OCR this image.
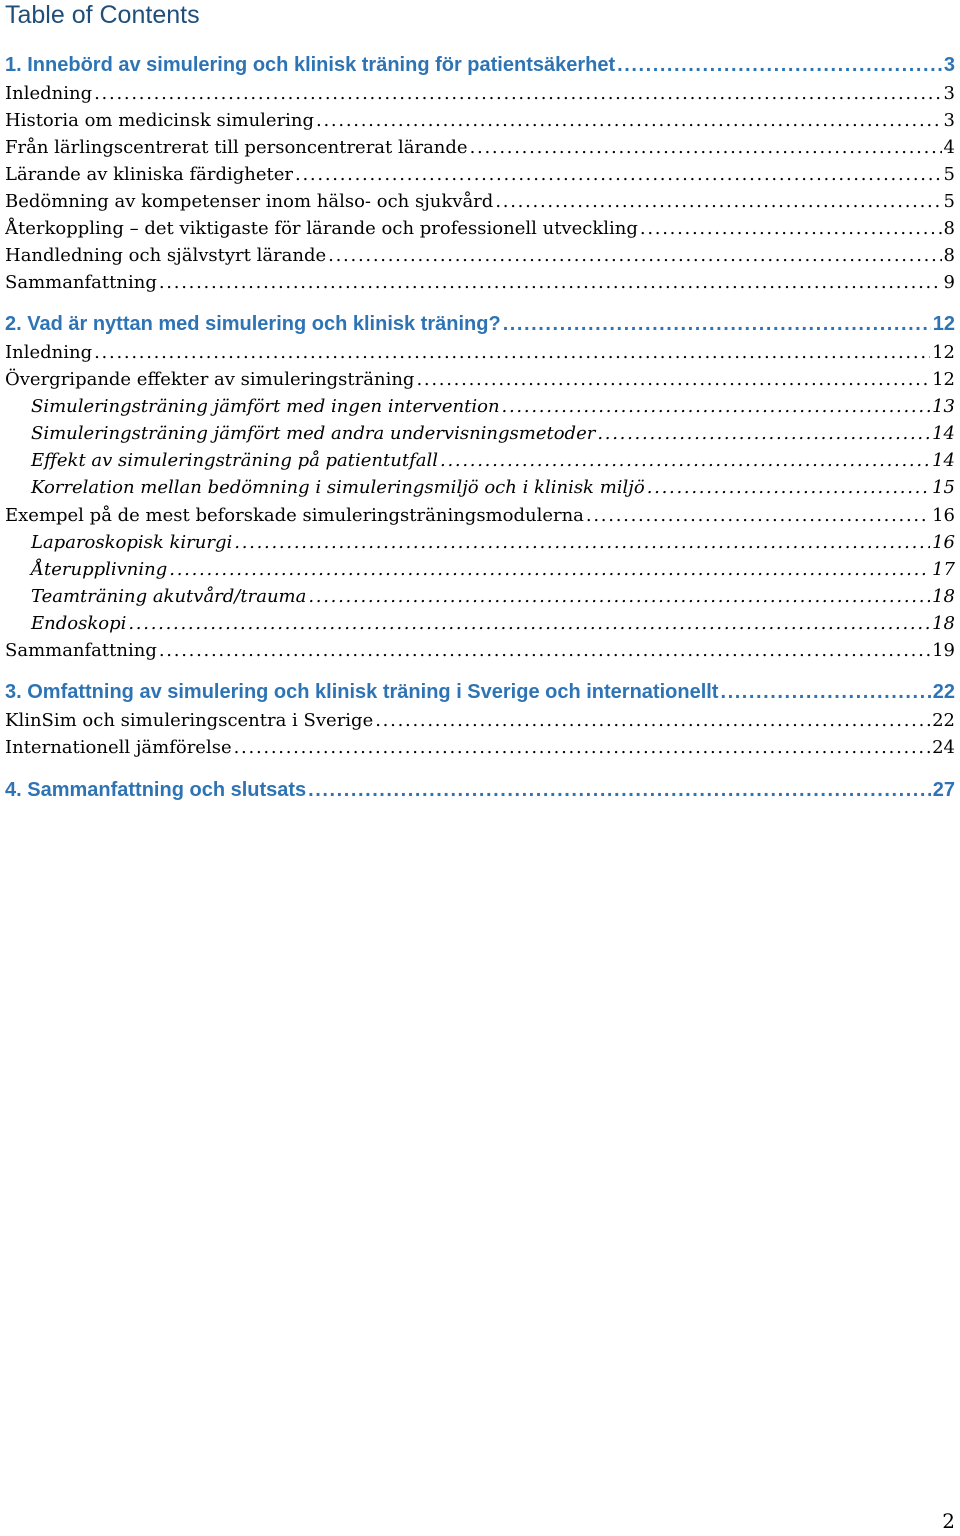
Table of Contents
1. Innebörd av simulering och klinisk träning för patientsäkerhet . . .	3
Inledning . . .	3
Historia om medicinsk simulering . . .	3
Från lärlingscentrerat till personcentrerat lärande . . .	4
Lärande av kliniska färdigheter . . .	5
Bedömning av kompetenser inom hälso- och sjukvård . . .	5
Återkoppling – det viktigaste för lärande och professionell utveckling . . .	8
Handledning och självstyrt lärande . . .	8
Sammanfattning . . .	9
2. Vad är nyttan med simulering och klinisk träning? . . .	12
Inledning . . .	12
Övergripande effekter av simuleringsträning . . .	12
Simuleringsträning jämfört med ingen intervention . . .	13
Simuleringsträning jämfört med andra undervisningsmetoder . . .	14
Effekt av simuleringsträning på patientutfall . . .	14
Korrelation mellan bedömning i simuleringsmiljö och i klinisk miljö . . .	15
Exempel på de mest beforskade simuleringsträningsmodulerna . . .	16
Laparoskopisk kirurgi . . .	16
Återupplivning . . .	17
Teamträning akutvård/trauma . . .	18
Endoskopi . . .	18
Sammanfattning . . .	19
3. Omfattning av simulering och klinisk träning i Sverige och internationellt . . .	22
KlinSim och simuleringscentra i Sverige . . .	22
Internationell jämförelse . . .	24
4. Sammanfattning och slutsats . . .	27
2
